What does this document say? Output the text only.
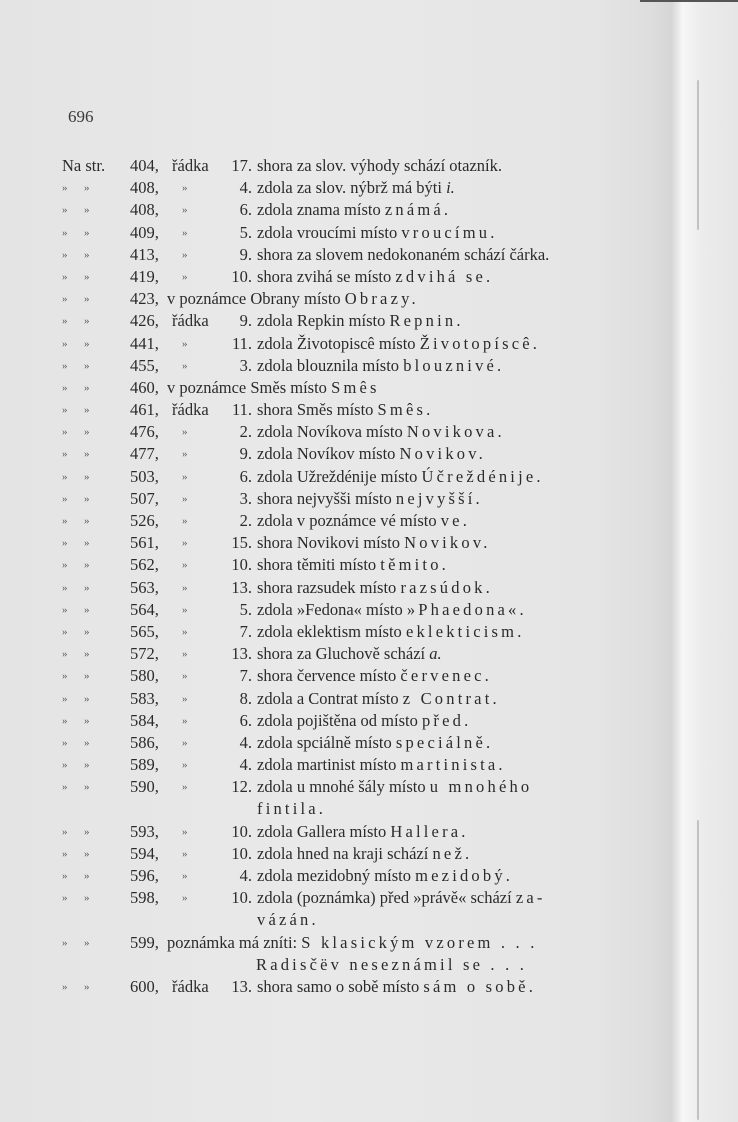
696
Na str. 404, řádka	17. shora za slov. výhody schází otazník.
» » 408, »	4. zdola za slov. nýbrž má býti i.
» » 408, »	6. zdola znama místo známá.
» » 409, »	5. zdola vroucími místo vroucímu.
» » 413, »	9. shora za slovem nedokonaném schází čárka.
» » 419, »	10. shora zvihá se místo zdvihá se.
» » 423, v poznámce Obrany místo Obrazy.
» » 426, řádka	9. zdola Repkin místo Repnin.
» » 441, »	11. zdola Životopiscê místo Životopíscê.
» » 455, »	3. zdola blouznila místo blouznivé.
» » 460, v poznámce Směs místo Smês
» » 461, řádka	11. shora Směs místo Smês.
» » 476, »	2. zdola Novíkova místo Novikova.
» » 477, »	9. zdola Novíkov místo Novikov.
» » 503, »	6. zdola Užreždénije místo Účreždénije.
» » 507, »	3. shora nejvyšši místo nejvyšší.
» » 526, »	2. zdola v poznámce vé místo ve.
» » 561, »	15. shora Novikovi místo Novikov.
» » 562, »	10. shora těmiti místo těmito.
» » 563, »	13. shora razsudek místo razsúdok.
» » 564, »	5. zdola »Fedona« místo »Phaedona«.
» » 565, »	7. zdola eklektism místo eklekticism.
» » 572, »	13. shora za Gluchově schází a.
» » 580, »	7. shora července místo červenec.
» » 583, »	8. zdola a Contrat místo z Contrat.
» » 584, »	6. zdola pojištěna od místo před.
» » 586, »	4. zdola spciálně místo speciálně.
» » 589, »	4. zdola martinist místo martinista.
» » 590, »	12. zdola u mnohé šály místo u mnohého
fintila.
» » 593, »	10. zdola Gallera místo Hallera.
» » 594, »	10. zdola hned na kraji schází než.
» » 596, »	4. zdola mezidobný místo mezidobý.
» » 598, »	10. zdola (poznámka) před »právě« schází za-
vázán.
» » 599, poznámka má zníti: S klasickým vzorem . . .
Radisčëv neseznámil se . . .
» » 600, řádka	13. shora samo o sobě místo sám o sobě.
